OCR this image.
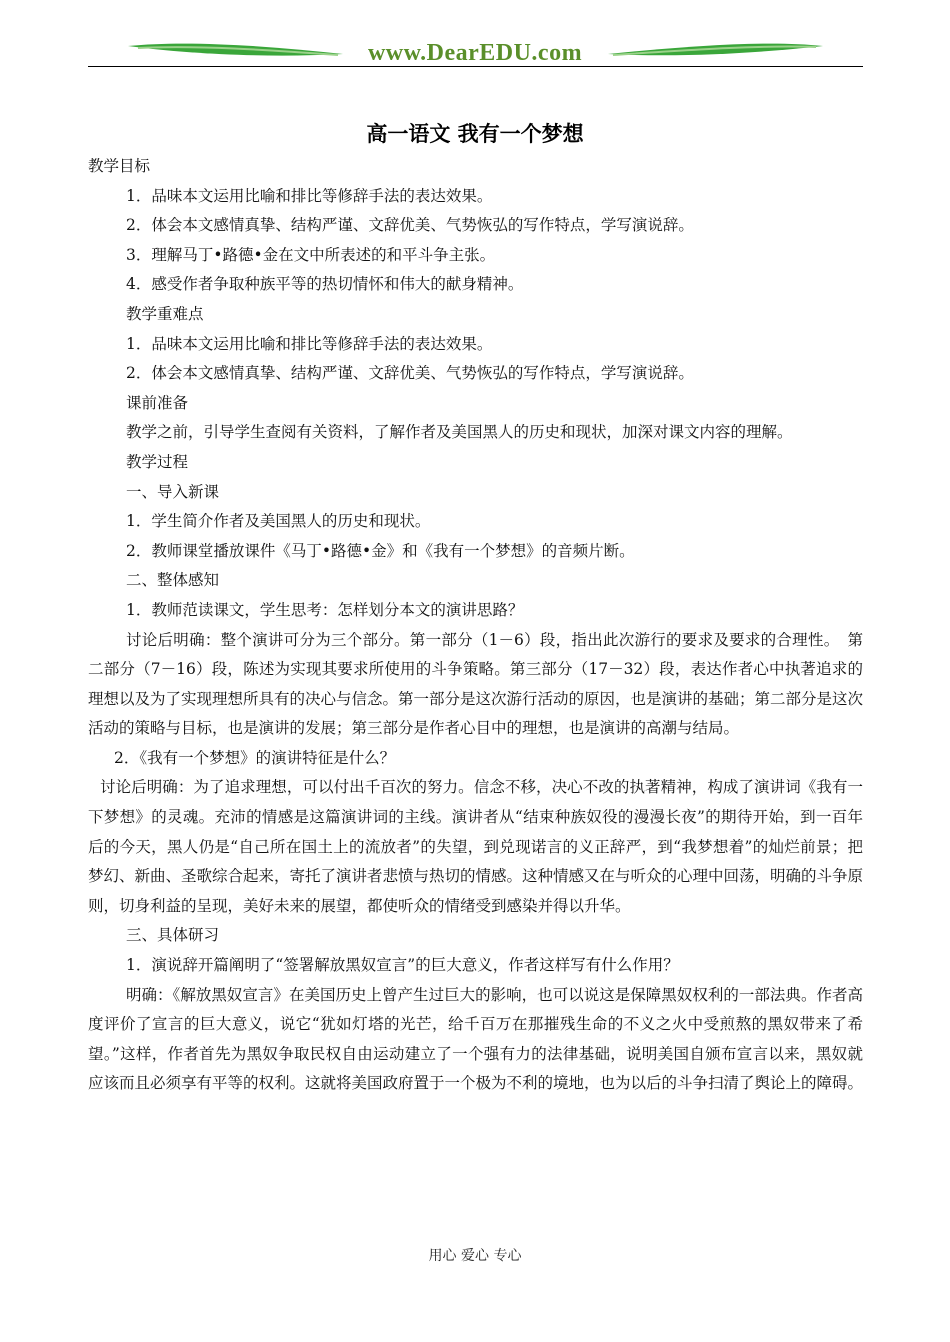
www.DearEDU.com
高一语文 我有一个梦想

教学目标

1．品味本文运用比喻和排比等修辞手法的表达效果。

2．体会本文感情真挚、结构严谨、文辞优美、气势恢弘的写作特点，学写演说辞。

3．理解马丁•路德•金在文中所表述的和平斗争主张。

4．感受作者争取种族平等的热切情怀和伟大的献身精神。

教学重难点

1．品味本文运用比喻和排比等修辞手法的表达效果。

2．体会本文感情真挚、结构严谨、文辞优美、气势恢弘的写作特点，学写演说辞。

课前准备

教学之前，引导学生查阅有关资料，了解作者及美国黑人的历史和现状，加深对课文内容的理解。

教学过程

一、导入新课

1．学生简介作者及美国黑人的历史和现状。

2．教师课堂播放课件《马丁•路德•金》和《我有一个梦想》的音频片断。

二、整体感知

1．教师范读课文，学生思考：怎样划分本文的演讲思路？

讨论后明确：整个演讲可分为三个部分。第一部分（1－6）段，指出此次游行的要求及要求的合理性。　第二部分（7－16）段，陈述为实现其要求所使用的斗争策略。第三部分（17－32）段，表达作者心中执著追求的理想以及为了实现理想所具有的决心与信念。第一部分是这次游行活动的原因，也是演讲的基础；第二部分是这次活动的策略与目标，也是演讲的发展；第三部分是作者心目中的理想，也是演讲的高潮与结局。

2．《我有一个梦想》的演讲特征是什么？

讨论后明确：为了追求理想，可以付出千百次的努力。信念不移，决心不改的执著精神，构成了演讲词《我有一下梦想》的灵魂。充沛的情感是这篇演讲词的主线。演讲者从“结束种族奴役的漫漫长夜”的期待开始，到一百年后的今天，黑人仍是“自己所在国土上的流放者”的失望，到兑现诺言的义正辞严，到“我梦想着”的灿烂前景；把梦幻、新曲、圣歌综合起来，寄托了演讲者悲愤与热切的情感。这种情感又在与听众的心理中回荡，明确的斗争原则，切身利益的呈现，美好未来的展望，都使听众的情绪受到感染并得以升华。

三、具体研习

1．演说辞开篇阐明了“签署解放黑奴宣言”的巨大意义，作者这样写有什么作用？

明确：《解放黑奴宣言》在美国历史上曾产生过巨大的影响，也可以说这是保障黑奴权利的一部法典。作者高度评价了宣言的巨大意义，说它“犹如灯塔的光芒，给千百万在那摧残生命的不义之火中受煎熬的黑奴带来了希望。”这样，作者首先为黑奴争取民权自由运动建立了一个强有力的法律基础，说明美国自颁布宣言以来，黑奴就应该而且必须享有平等的权利。这就将美国政府置于一个极为不利的境地，也为以后的斗争扫清了舆论上的障碍。

用心 爱心 专心
